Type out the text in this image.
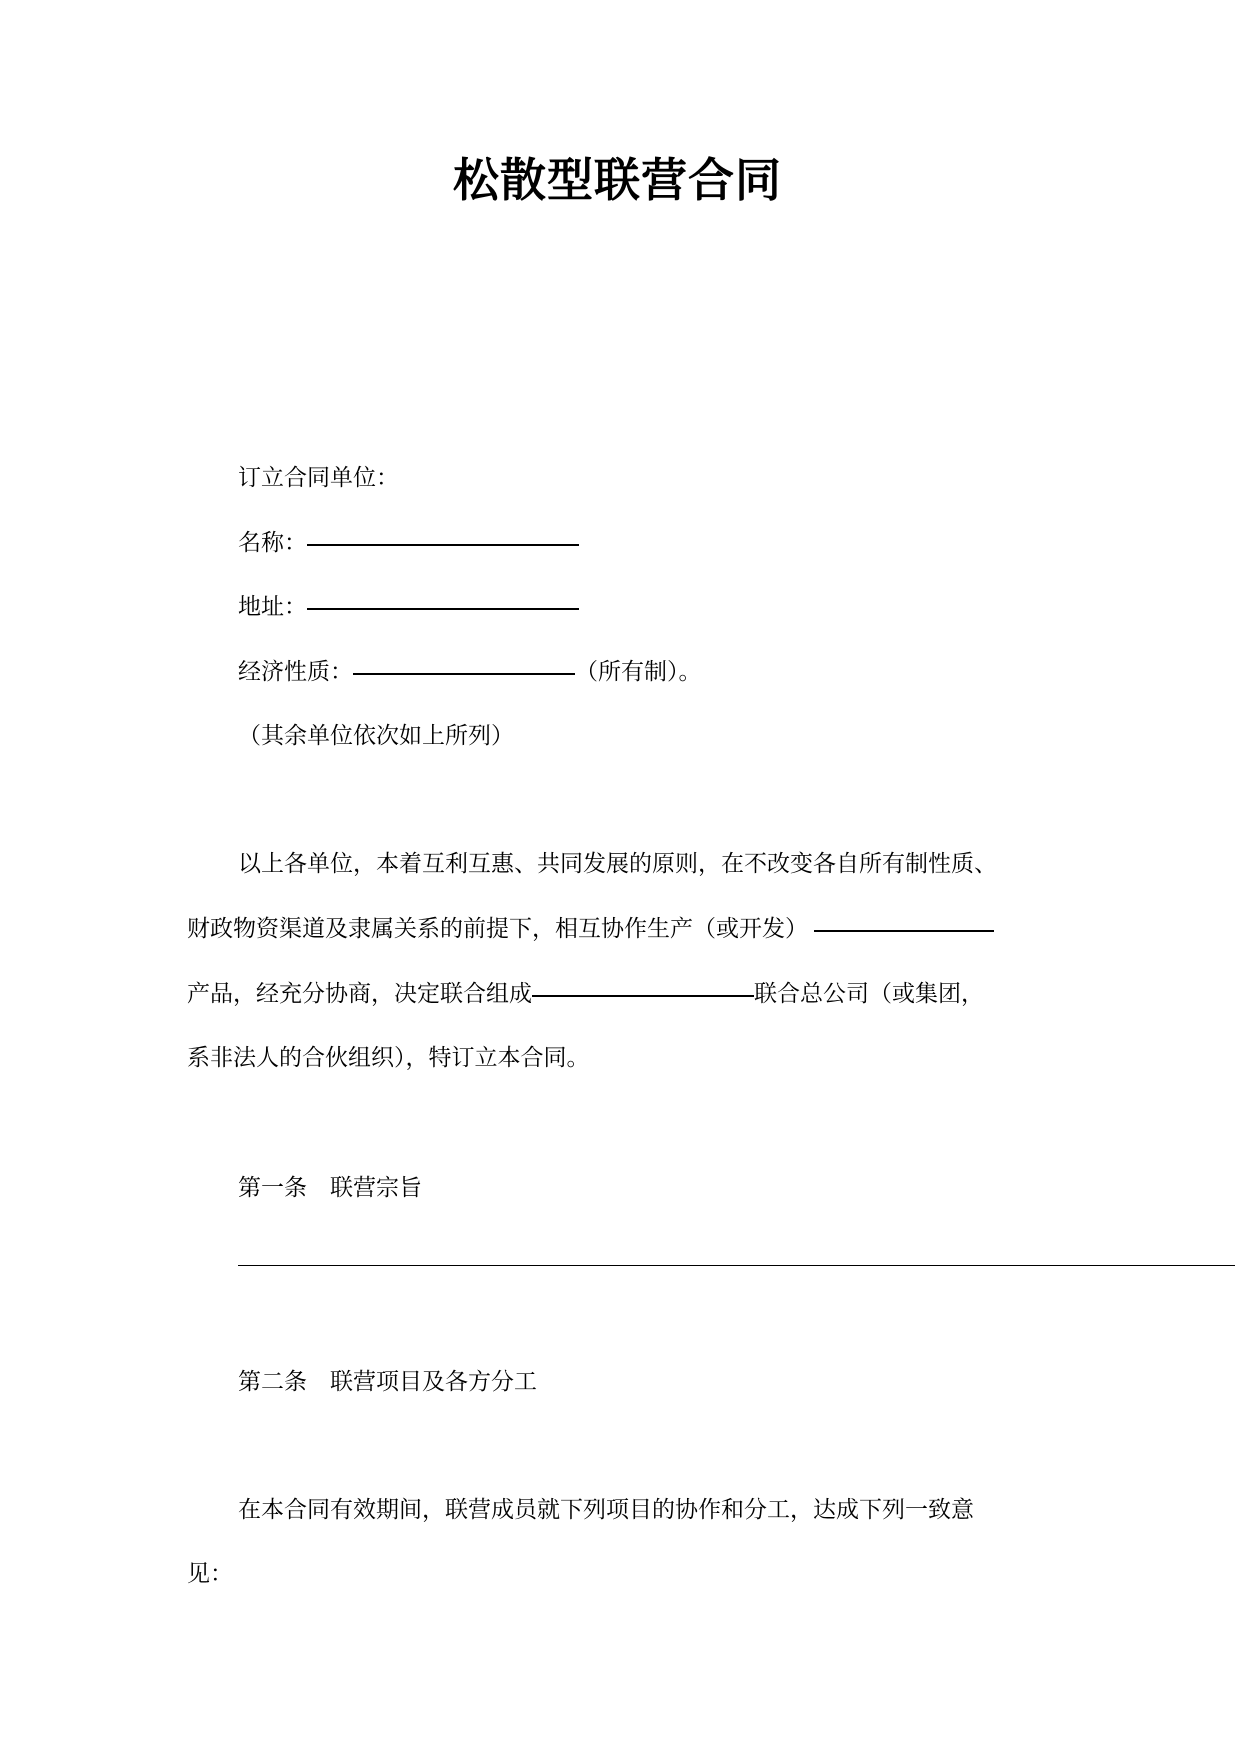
松散型联营合同
订立合同单位：
名称：
地址：
经济性质：	（所有制）。
（其余单位依次如上所列）
以上各单位，本着互利互惠、共同发展的原则，在不改变各自所有制性质、
财政物资渠道及隶属关系的前提下，相互协作生产（或开发）
产品，经充分协商，决定联合组成	联合总公司（或集团，
系非法人的合伙组织），特订立本合同。
第一条　联营宗旨
第二条　联营项目及各方分工
在本合同有效期间，联营成员就下列项目的协作和分工，达成下列一致意
见：
